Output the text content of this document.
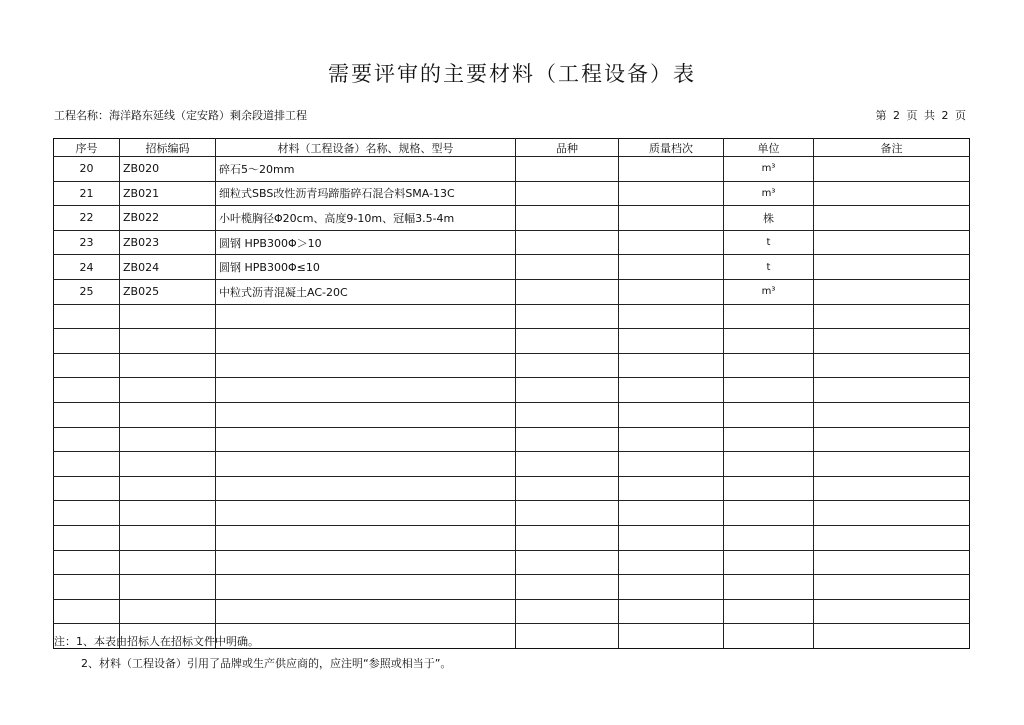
需要评审的主要材料（工程设备）表
工程名称：海洋路东延线（定安路）剩余段道排工程	第 2 页 共 2 页
序号	招标编码	材料（工程设备）名称、规格、型号	品种	质量档次	单位	备注
20	ZB020	碎石5～20mm			m³	
21	ZB021	细粒式SBS改性沥青玛蹄脂碎石混合料SMA-13C			m³	
22	ZB022	小叶榄胸径Φ20cm、高度9-10m、冠幅3.5-4m			株	
23	ZB023	圆钢 HPB300Φ＞10			t	
24	ZB024	圆钢 HPB300Φ≤10			t	
25	ZB025	中粒式沥青混凝土AC-20C			m³	

注：1、本表由招标人在招标文件中明确。
2、材料（工程设备）引用了品牌或生产供应商的，应注明“参照或相当于”。
